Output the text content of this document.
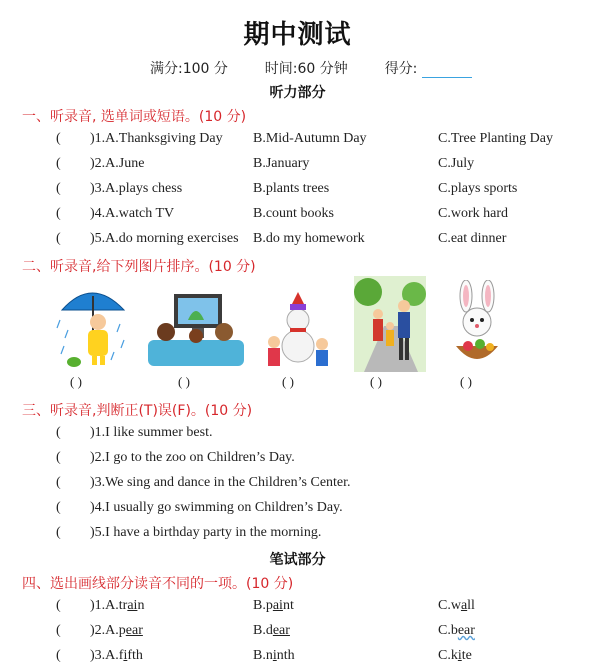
期中测试
满分:100 分	时间:60 分钟	得分:
听力部分
一、听录音, 选单词或短语。(10 分)
( )1.A.Thanksgiving Day B.Mid-Autumn Day	C.Tree Planting Day
( )2.A.June	B.January	C.July
( )3.A.plays chess	B.plants trees	C.plays sports
( )4.A.watch TV	B.count books	C.work hard
( )5.A.do morning exercises B.do my homework	C.eat dinner
二、听录音,给下列图片排序。(10 分)
( )	( )	( )	( )	( )
三、听录音,判断正(T)误(F)。(10 分)
( )1.I like summer best.
( )2.I go to the zoo on Children’s Day.
( )3.We sing and dance in the Children’s Center.
( )4.I usually go swimming on Children’s Day.
( )5.I have a birthday party in the morning.
笔试部分
四、选出画线部分读音不同的一项。(10 分)
( )1.A.train	B.paint	C.wall
( )2.A.pear	B.dear	C.bear
( )3.A.fifth	B.ninth	C.kite
